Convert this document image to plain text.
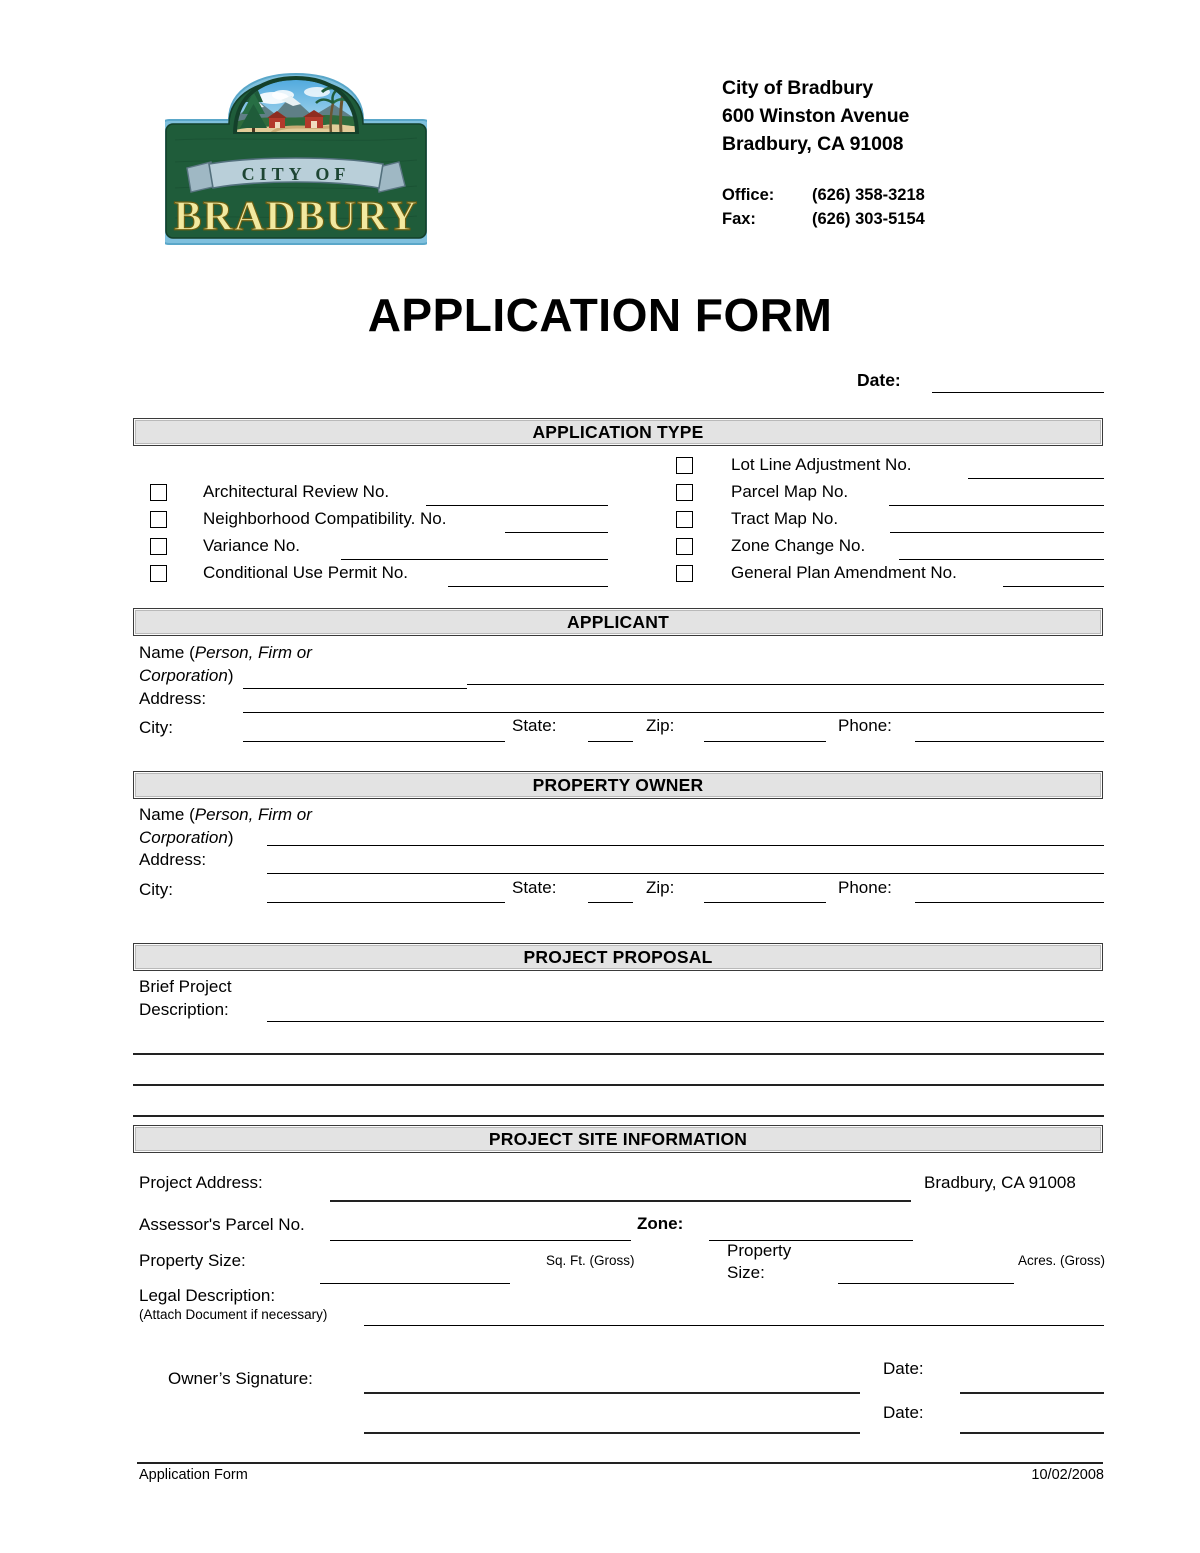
CITY OF
BRADBURY
City of Bradbury
600 Winston Avenue
Bradbury, CA 91008
Office:	(626) 358-3218
Fax:	(626) 303-5154
APPLICATION FORM
Date:
APPLICATION TYPE
Lot Line Adjustment No.
Parcel Map No.
Tract Map No.
Zone Change No.
General Plan Amendment No.
Architectural Review No.
Neighborhood Compatibility. No.
Variance No.
Conditional Use Permit No.
APPLICANT
Name (Person, Firm or
Corporation)
Address:
City:	State:	Zip:	Phone:
PROPERTY OWNER
Name (Person, Firm or
Corporation)
Address:
City:	State:	Zip:	Phone:
PROJECT PROPOSAL
Brief Project
Description:
PROJECT SITE INFORMATION
Project Address:	Bradbury, CA 91008
Assessor's Parcel No.	Zone:
Property Size:	Sq. Ft. (Gross)
Property
Size:
Acres. (Gross)
Legal Description:
(Attach Document if necessary)
Owner’s Signature:
Date:
Date:
Application Form	10/02/2008
